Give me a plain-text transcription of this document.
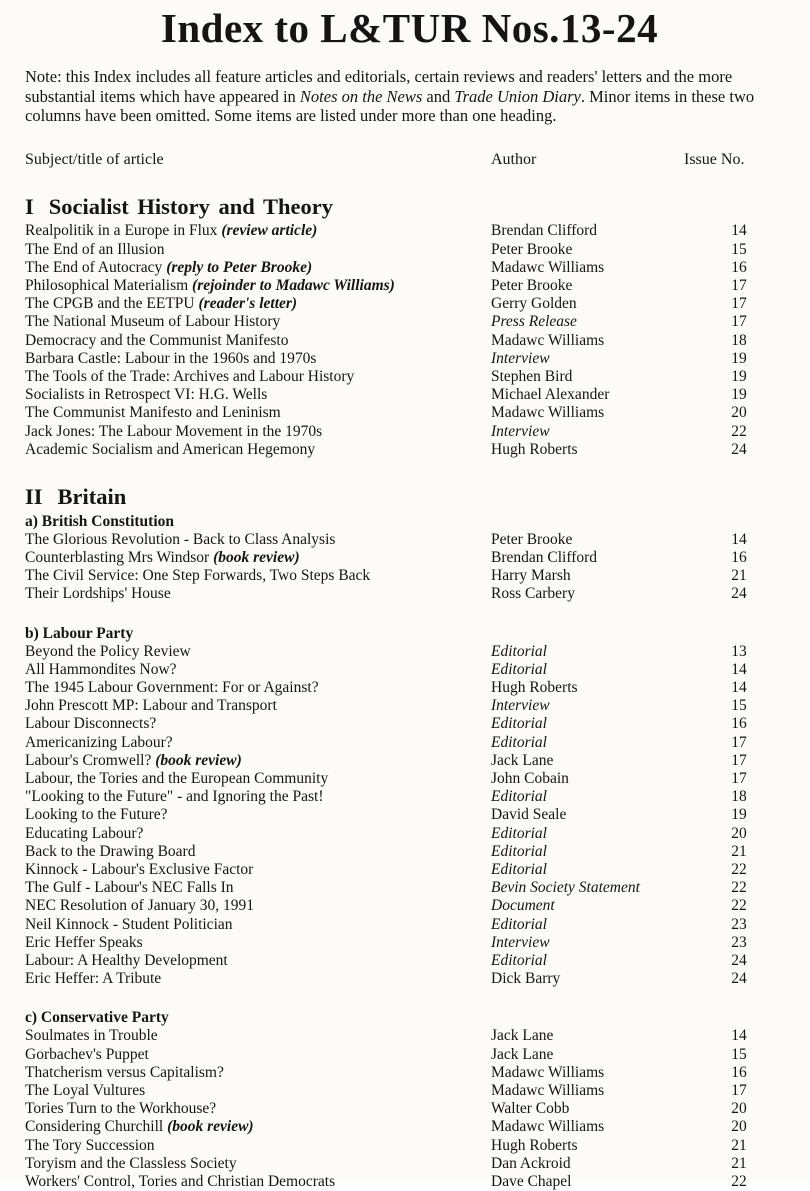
Index to L&TUR Nos.13-24

Note: this Index includes all feature articles and editorials, certain reviews and readers' letters and the more substantial items which have appeared in Notes on the News and Trade Union Diary. Minor items in these two columns have been omitted. Some items are listed under more than one heading.

Subject/title of article	Author	Issue No.
I Socialist History and Theory
Realpolitik in a Europe in Flux (review article)	Brendan Clifford	14
The End of an Illusion	Peter Brooke	15
The End of Autocracy (reply to Peter Brooke)	Madawc Williams	16
Philosophical Materialism (rejoinder to Madawc Williams)	Peter Brooke	17
The CPGB and the EETPU (reader's letter)	Gerry Golden	17
The National Museum of Labour History	Press Release	17
Democracy and the Communist Manifesto	Madawc Williams	18
Barbara Castle: Labour in the 1960s and 1970s	Interview	19
The Tools of the Trade: Archives and Labour History	Stephen Bird	19
Socialists in Retrospect VI: H.G. Wells	Michael Alexander	19
The Communist Manifesto and Leninism	Madawc Williams	20
Jack Jones: The Labour Movement in the 1970s	Interview	22
Academic Socialism and American Hegemony	Hugh Roberts	24
II Britain
a) British Constitution
The Glorious Revolution - Back to Class Analysis	Peter Brooke	14
Counterblasting Mrs Windsor (book review)	Brendan Clifford	16
The Civil Service: One Step Forwards, Two Steps Back	Harry Marsh	21
Their Lordships' House	Ross Carbery	24
b) Labour Party
Beyond the Policy Review	Editorial	13
All Hammondites Now?	Editorial	14
The 1945 Labour Government: For or Against?	Hugh Roberts	14
John Prescott MP: Labour and Transport	Interview	15
Labour Disconnects?	Editorial	16
Americanizing Labour?	Editorial	17
Labour's Cromwell? (book review)	Jack Lane	17
Labour, the Tories and the European Community	John Cobain	17
"Looking to the Future" - and Ignoring the Past!	Editorial	18
Looking to the Future?	David Seale	19
Educating Labour?	Editorial	20
Back to the Drawing Board	Editorial	21
Kinnock - Labour's Exclusive Factor	Editorial	22
The Gulf - Labour's NEC Falls In	Bevin Society Statement	22
NEC Resolution of January 30, 1991	Document	22
Neil Kinnock - Student Politician	Editorial	23
Eric Heffer Speaks	Interview	23
Labour: A Healthy Development	Editorial	24
Eric Heffer: A Tribute	Dick Barry	24
c) Conservative Party
Soulmates in Trouble	Jack Lane	14
Gorbachev's Puppet	Jack Lane	15
Thatcherism versus Capitalism?	Madawc Williams	16
The Loyal Vultures	Madawc Williams	17
Tories Turn to the Workhouse?	Walter Cobb	20
Considering Churchill (book review)	Madawc Williams	20
The Tory Succession	Hugh Roberts	21
Toryism and the Classless Society	Dan Ackroid	21
Workers' Control, Tories and Christian Democrats	Dave Chapel	22
